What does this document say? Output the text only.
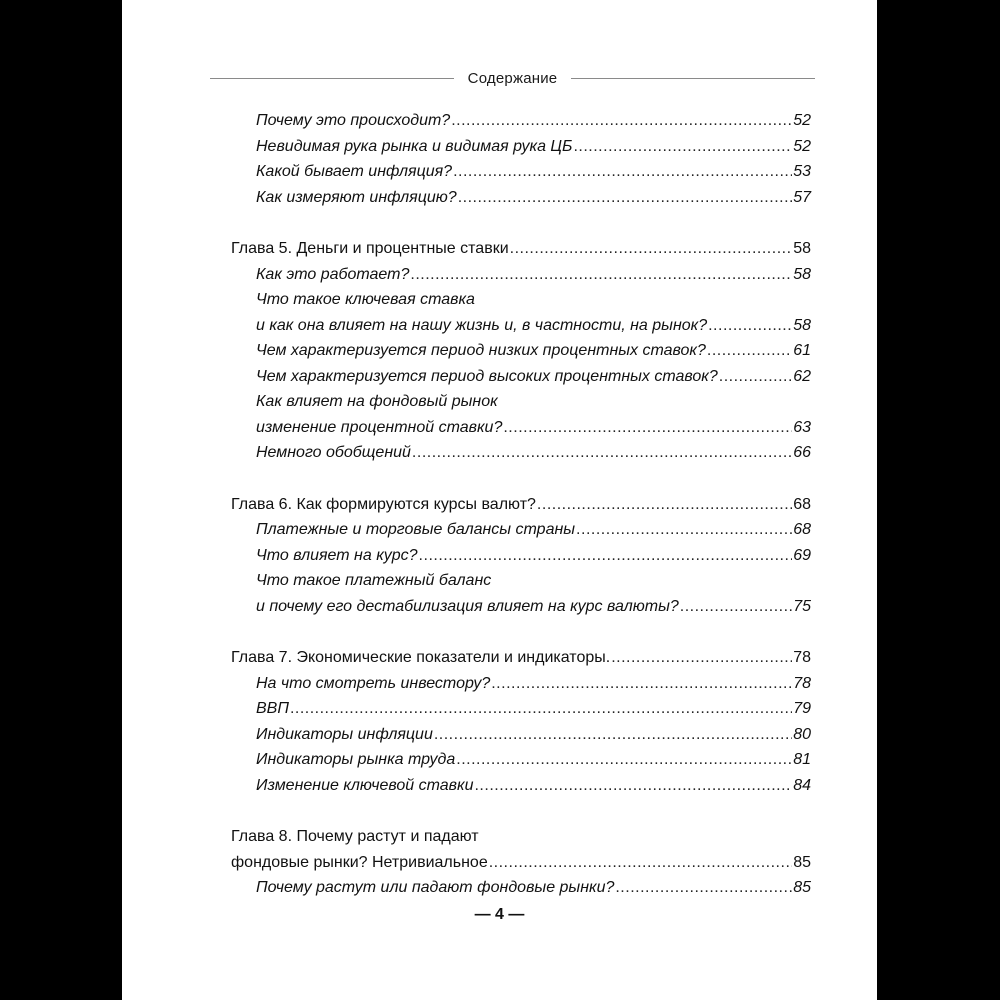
Содержание
Почему это происходит? .....	52
Невидимая рука рынка и видимая рука ЦБ .....	52
Какой бывает инфляция? .....	53
Как измеряют инфляцию? .....	57
Глава 5. Деньги и процентные ставки .....	58
Как это работает? .....	58
Что такое ключевая ставка
и как она влияет на нашу жизнь и, в частности, на рынок? .....	58
Чем характеризуется период низких процентных ставок? .....	61
Чем характеризуется период высоких процентных ставок? .....	62
Как влияет на фондовый рынок
изменение процентной ставки? .....	63
Немного обобщений .....	66
Глава 6. Как формируются курсы валют? .....	68
Платежные и торговые балансы страны .....	68
Что влияет на курс? .....	69
Что такое платежный баланс
и почему его дестабилизация влияет на курс валюты? .....	75
Глава 7. Экономические показатели и индикаторы. .....	78
На что смотреть инвестору? .....	78
ВВП .....	79
Индикаторы инфляции .....	80
Индикаторы рынка труда .....	81
Изменение ключевой ставки .....	84
Глава 8. Почему растут и падают
фондовые рынки? Нетривиальное .....	85
Почему растут или падают фондовые рынки? .....	85
— 4 —
